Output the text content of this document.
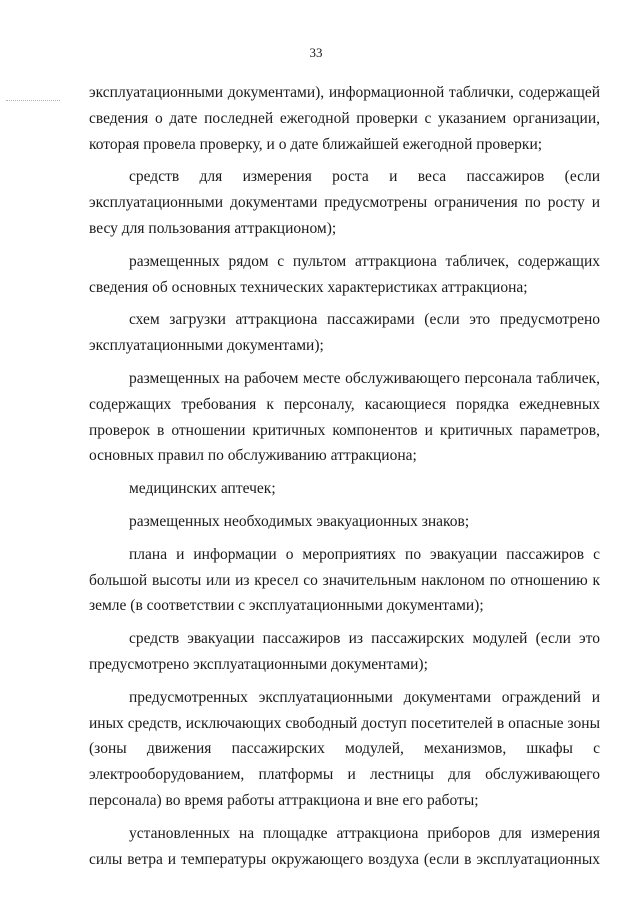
33

эксплуатационными документами), информационной таблички, содержащей сведения о дате последней ежегодной проверки с указанием организации, которая провела проверку, и о дате ближайшей ежегодной проверки;

средств для измерения роста и веса пассажиров (если эксплуатационными документами предусмотрены ограничения по росту и весу для пользования аттракционом);

размещенных рядом с пультом аттракциона табличек, содержащих сведения об основных технических характеристиках аттракциона;

схем загрузки аттракциона пассажирами (если это предусмотрено эксплуатационными документами);

размещенных на рабочем месте обслуживающего персонала табличек, содержащих требования к персоналу, касающиеся порядка ежедневных проверок в отношении критичных компонентов и критичных параметров, основных правил по обслуживанию аттракциона;

медицинских аптечек;

размещенных необходимых эвакуационных знаков;

плана и информации о мероприятиях по эвакуации пассажиров с большой высоты или из кресел со значительным наклоном по отношению к земле (в соответствии с эксплуатационными документами);

средств эвакуации пассажиров из пассажирских модулей (если это предусмотрено эксплуатационными документами);

предусмотренных эксплуатационными документами ограждений и иных средств, исключающих свободный доступ посетителей в опасные зоны (зоны движения пассажирских модулей, механизмов, шкафы с электрооборудованием, платформы и лестницы для обслуживающего персонала) во время работы аттракциона и вне его работы;

установленных на площадке аттракциона приборов для измерения силы ветра и температуры окружающего воздуха (если в эксплуатационных
